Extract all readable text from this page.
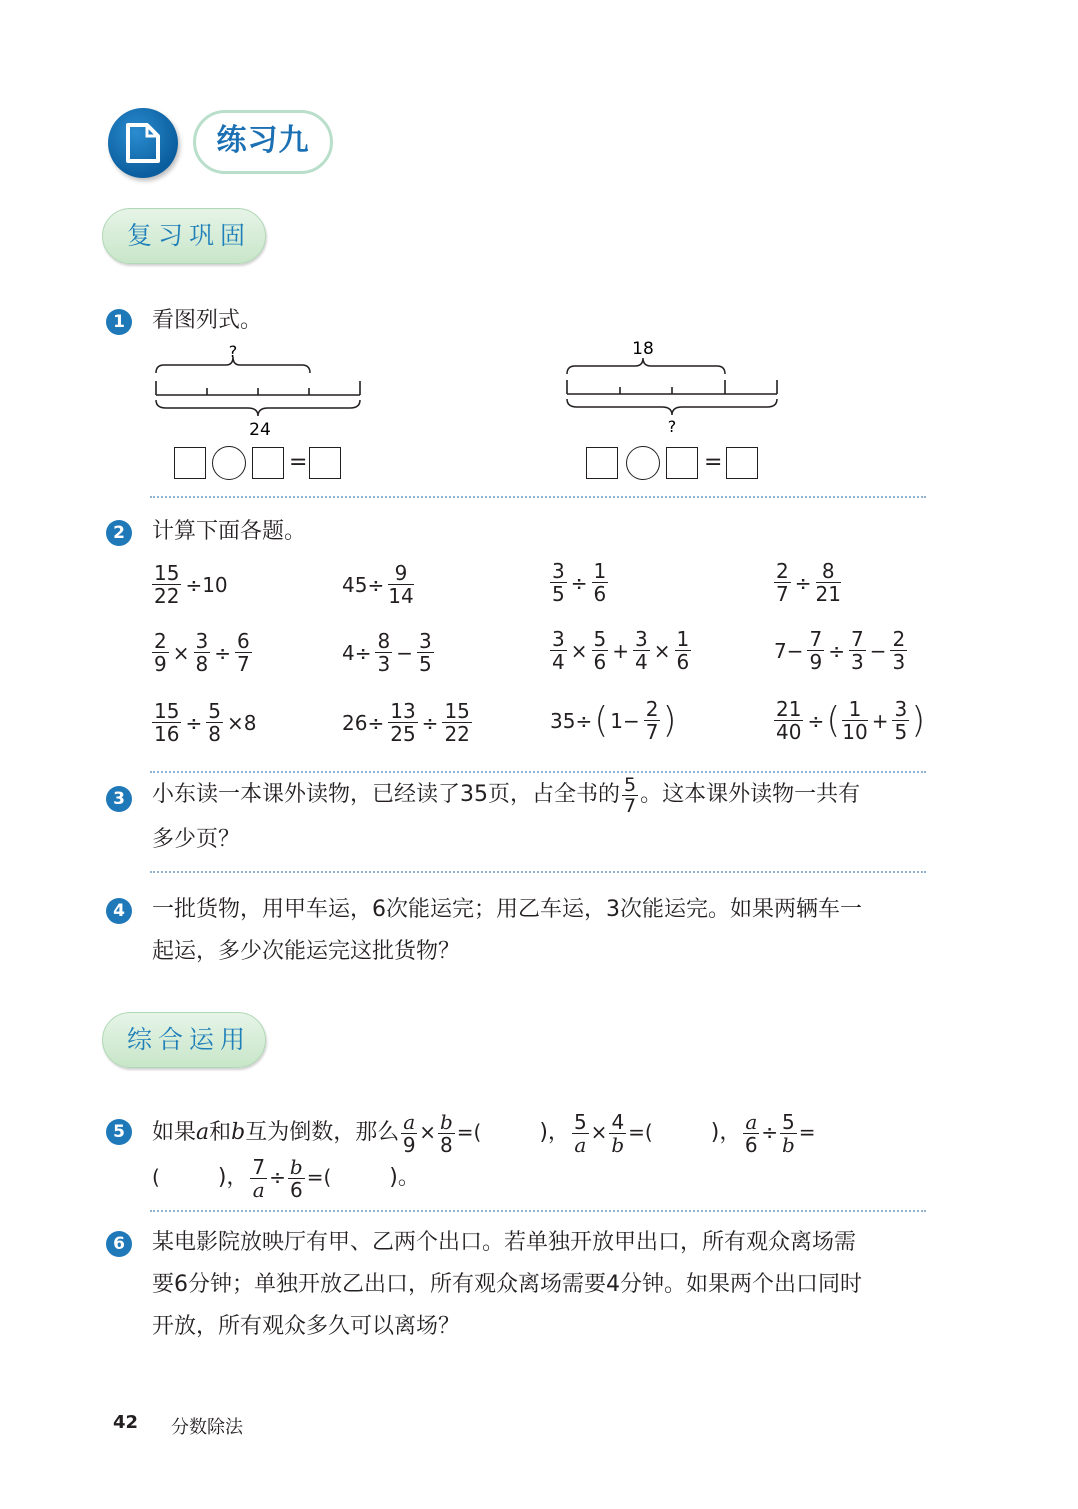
练习九
复习巩固
1	看图列式。
?
24
=
18
?
=
2	计算下面各题。
$\frac{15}{22} \div 10$	$45\div \frac{9}{14}$	$\frac{3}{5} \div \frac{1}{6}$	$\frac{2}{7} \div \frac{8}{21}$
$\frac{2}{9} \times \frac{3}{8} \div \frac{6}{7}$	$4\div \frac{8}{3} - \frac{3}{5}$	$\frac{3}{4} \times \frac{5}{6} + \frac{3}{4} \times \frac{1}{6}$	$7- \frac{7}{9} \div \frac{7}{3} - \frac{2}{3}$
$\frac{15}{16} \div \frac{5}{8} \times 8$	$26\div \frac{13}{25} \div \frac{15}{22}$	35÷( $1- \frac{2}{7}$ )	$\frac{21}{40}$ ÷( $\frac{1}{10} + \frac{3}{5}$ )
3	小东读一本课外读物，已经读了35页，占全书的 $\frac{5}{7}$ 。这本课外读物一共有
多少页？
4	一批货物，用甲车运，6次能运完；用乙车运，3次能运完。如果两辆车一
起运，多少次能运完这批货物？
综合运用
5	如果a和b互为倒数，那么 $\frac{a}{9} \times \frac{b}{8}$ =(	)， $\frac{5}{a} \times \frac{4}{b}$ =(	)， $\frac{a}{6} \div \frac{5}{b}$ =
(	)， $\frac{7}{a} \div \frac{b}{6}$ =(	)。
6	某电影院放映厅有甲、乙两个出口。若单独开放甲出口，所有观众离场需
要6分钟；单独开放乙出口，所有观众离场需要4分钟。如果两个出口同时
开放，所有观众多久可以离场？
42 分数除法
